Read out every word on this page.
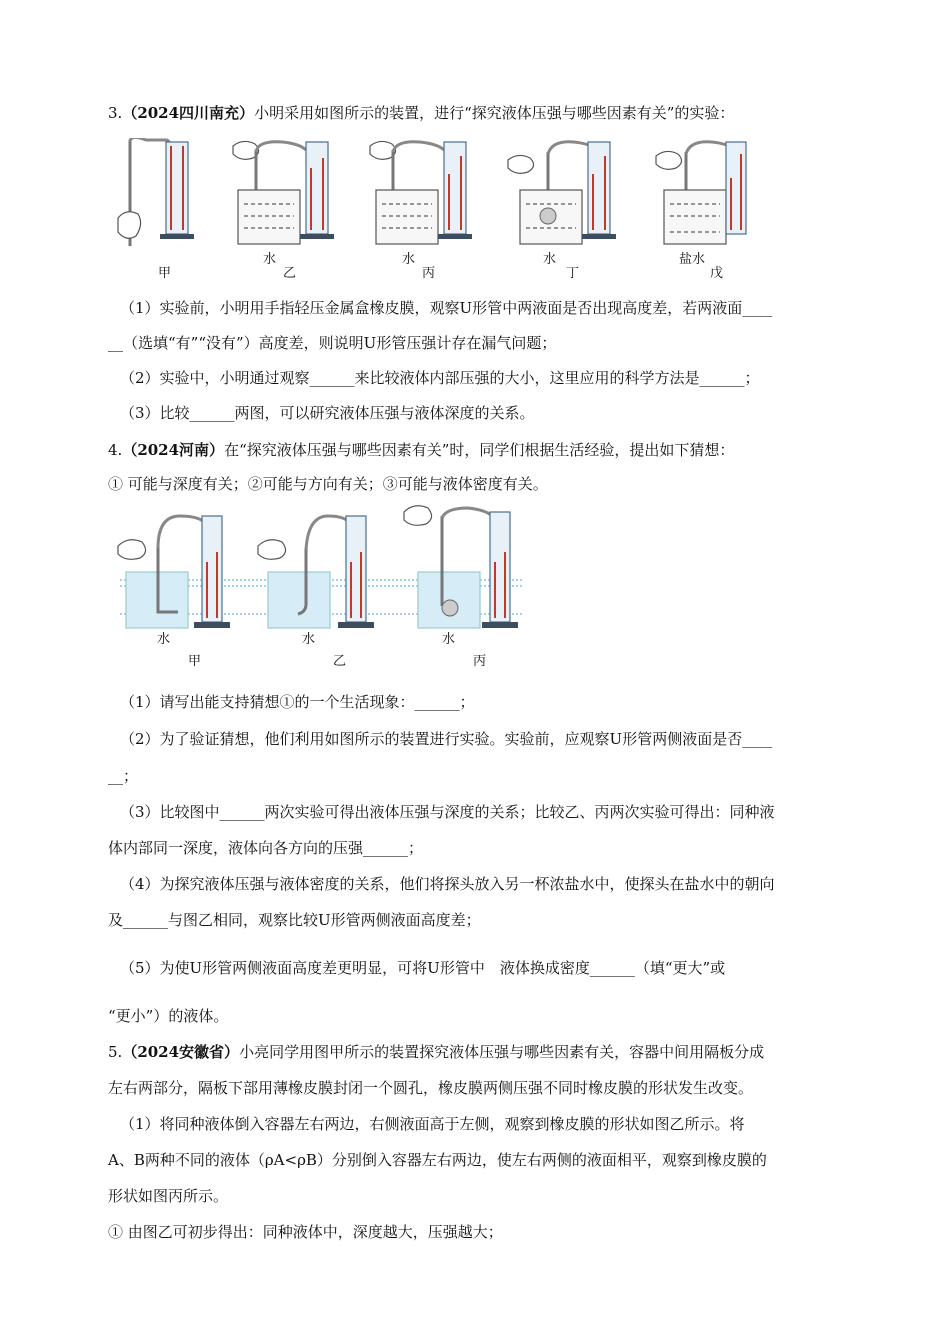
3.（2024四川南充）小明采用如图所示的装置，进行“探究液体压强与哪些因素有关”的实验：
水	水	水	盐水
甲	乙	丙	丁	戊
（1）实验前，小明用手指轻压金属盒橡皮膜，观察U形管中两液面是否出现高度差，若两液面____
__（选填“有”“没有”）高度差，则说明U形管压强计存在漏气问题；
（2）实验中，小明通过观察______来比较液体内部压强的大小，这里应用的科学方法是______；
（3）比较______两图，可以研究液体压强与液体深度的关系。
4.（2024河南）在“探究液体压强与哪些因素有关”时，同学们根据生活经验，提出如下猜想：
① 可能与深度有关；②可能与方向有关；③可能与液体密度有关。
水	水	水
甲	乙	丙
（1）请写出能支持猜想①的一个生活现象：______；
（2）为了验证猜想，他们利用如图所示的装置进行实验。实验前，应观察U形管两侧液面是否____
__；
（3）比较图中______两次实验可得出液体压强与深度的关系；比较乙、丙两次实验可得出：同种液
体内部同一深度，液体向各方向的压强______；
（4）为探究液体压强与液体密度的关系，他们将探头放入另一杯浓盐水中，使探头在盐水中的朝向
及______与图乙相同，观察比较U形管两侧液面高度差；
（5）为使U形管两侧液面高度差更明显，可将U形管中　液体换成密度______（填“更大”或
“更小”）的液体。
5.（2024安徽省）小亮同学用图甲所示的装置探究液体压强与哪些因素有关，容器中间用隔板分成
左右两部分，隔板下部用薄橡皮膜封闭一个圆孔，橡皮膜两侧压强不同时橡皮膜的形状发生改变。
（1）将同种液体倒入容器左右两边，右侧液面高于左侧，观察到橡皮膜的形状如图乙所示。将
A、B两种不同的液体（ρA<ρB）分别倒入容器左右两边，使左右两侧的液面相平，观察到橡皮膜的
形状如图丙所示。
① 由图乙可初步得出：同种液体中，深度越大，压强越大；
